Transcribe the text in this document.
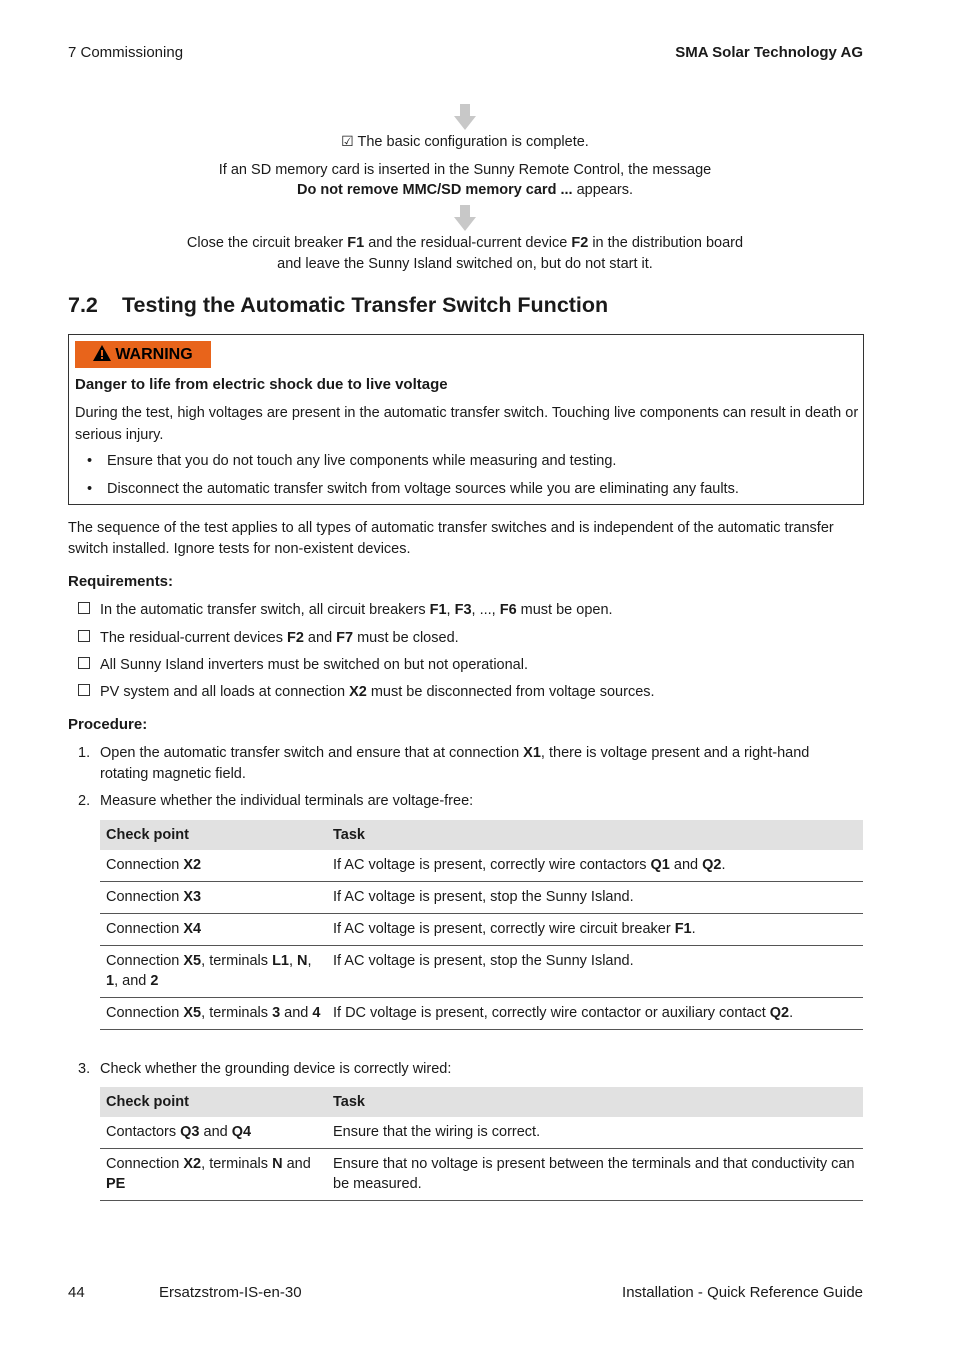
7 Commissioning	SMA Solar Technology AG
☑ The basic configuration is complete.
If an SD memory card is inserted in the Sunny Remote Control, the message
Do not remove MMC/SD memory card ... appears.
Close the circuit breaker F1 and the residual-current device F2 in the distribution board
and leave the Sunny Island switched on, but do not start it.
7.2 Testing the Automatic Transfer Switch Function
WARNING
Danger to life from electric shock due to live voltage
During the test, high voltages are present in the automatic transfer switch. Touching live components can result in death or serious injury.
• Ensure that you do not touch any live components while measuring and testing.
• Disconnect the automatic transfer switch from voltage sources while you are eliminating any faults.
The sequence of the test applies to all types of automatic transfer switches and is independent of the automatic transfer switch installed. Ignore tests for non-existent devices.
Requirements:
In the automatic transfer switch, all circuit breakers F1, F3, ..., F6 must be open.
The residual-current devices F2 and F7 must be closed.
All Sunny Island inverters must be switched on but not operational.
PV system and all loads at connection X2 must be disconnected from voltage sources.
Procedure:
1. Open the automatic transfer switch and ensure that at connection X1, there is voltage present and a right-hand rotating magnetic field.
2. Measure whether the individual terminals are voltage-free:
3. Check whether the grounding device is correctly wired:
Check point	Task
Connection X2	If AC voltage is present, correctly wire contactors Q1 and Q2.
Connection X3	If AC voltage is present, stop the Sunny Island.
Connection X4	If AC voltage is present, correctly wire circuit breaker F1.
Connection X5, terminals L1, N, 1, and 2	If AC voltage is present, stop the Sunny Island.
Connection X5, terminals 3 and 4	If DC voltage is present, correctly wire contactor or auxiliary contact Q2.
Check point	Task
Contactors Q3 and Q4	Ensure that the wiring is correct.
Connection X2, terminals N and PE	Ensure that no voltage is present between the terminals and that conductivity can be measured.
44	Ersatzstrom-IS-en-30	Installation - Quick Reference Guide
